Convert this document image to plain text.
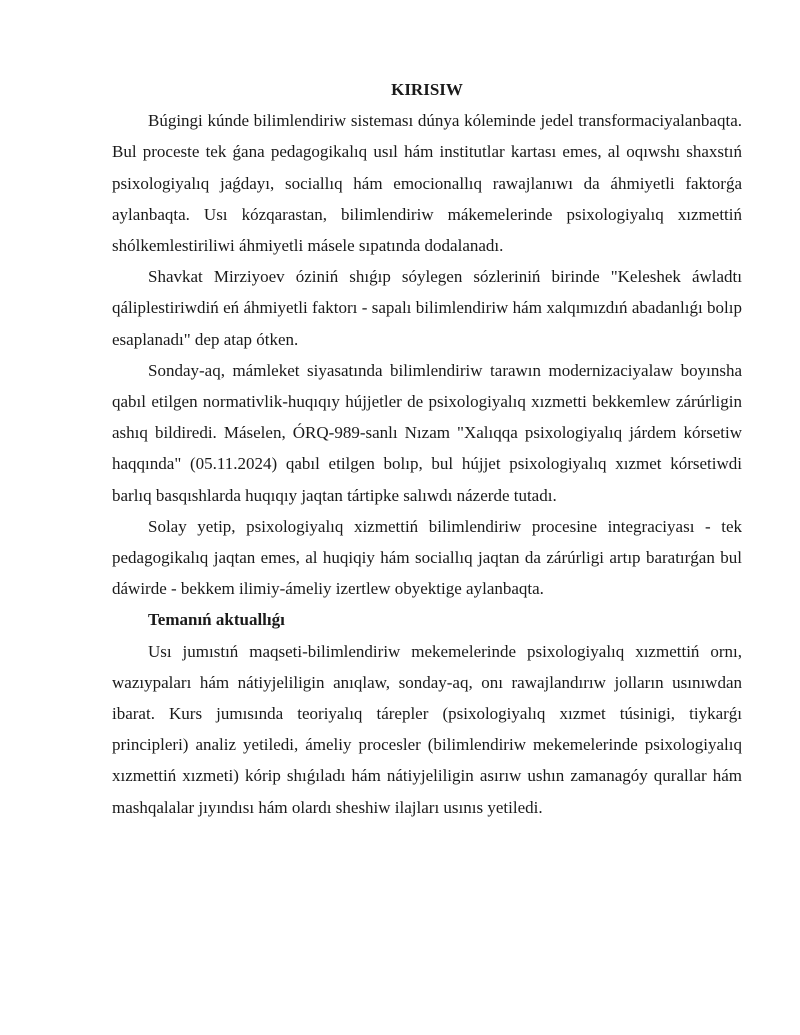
KIRISIW

Búgingi kúnde bilimlendiriw sisteması dúnya kóleminde jedel transformaciyalanbaqta. Bul proceste tek ǵana pedagogikalıq usıl hám institutlar kartası emes, al oqıwshı shaxstıń psixologiyalıq jaǵdayı, sociallıq hám emocionallıq rawajlanıwı da áhmiyetli faktorǵa aylanbaqta. Usı kózqarastan, bilimlendiriw mákemelerinde psixologiyalıq xızmettiń shólkemlestiriliwi áhmiyetli másele sıpatında dodalanadı.

Shavkat Mirziyoev óziniń shıǵıp sóylegen sózleriniń birinde "Keleshek áwladtı qáliplestiriwdiń eń áhmiyetli faktorı - sapalı bilimlendiriw hám xalqımızdıń abadanlıǵı bolıp esaplanadı" dep atap ótken.

Sonday-aq, mámleket siyasatında bilimlendiriw tarawın modernizaciyalaw boyınsha qabıl etilgen normativlik-huqıqıy hújjetler de psixologiyalıq xızmetti bekkemlew zárúrligin ashıq bildiredi. Máselen, ÓRQ-989-sanlı Nızam "Xalıqqa psixologiyalıq járdem kórsetiw haqqında" (05.11.2024) qabıl etilgen bolıp, bul hújjet psixologiyalıq xızmet kórsetiwdi barlıq basqıshlarda huqıqıy jaqtan tártipke salıwdı názerde tutadı.

Solay yetip, psixologiyalıq xizmettiń bilimlendiriw procesine integraciyası - tek pedagogikalıq jaqtan emes, al huqiqiy hám sociallıq jaqtan da zárúrligi artıp baratırǵan bul dáwirde - bekkem ilimiy-ámeliy izertlew obyektige aylanbaqta.

Temanıń aktuallıǵı

Usı jumıstıń maqseti-bilimlendiriw mekemelerinde psixologiyalıq xızmettiń ornı, wazıypaları hám nátiyjeliligin anıqlaw, sonday-aq, onı rawajlandırıw jolların usınıwdan ibarat. Kurs jumısında teoriyalıq tárepler (psixologiyalıq xızmet túsinigi, tiykarǵı principleri) analiz yetiledi, ámeliy procesler (bilimlendiriw mekemelerinde psixologiyalıq xızmettiń xızmeti) kórip shıǵıladı hám nátiyjeliligin asırıw ushın zamanagóy qurallar hám mashqalalar jıyındısı hám olardı sheshiw ilajları usınıs yetiledi.
